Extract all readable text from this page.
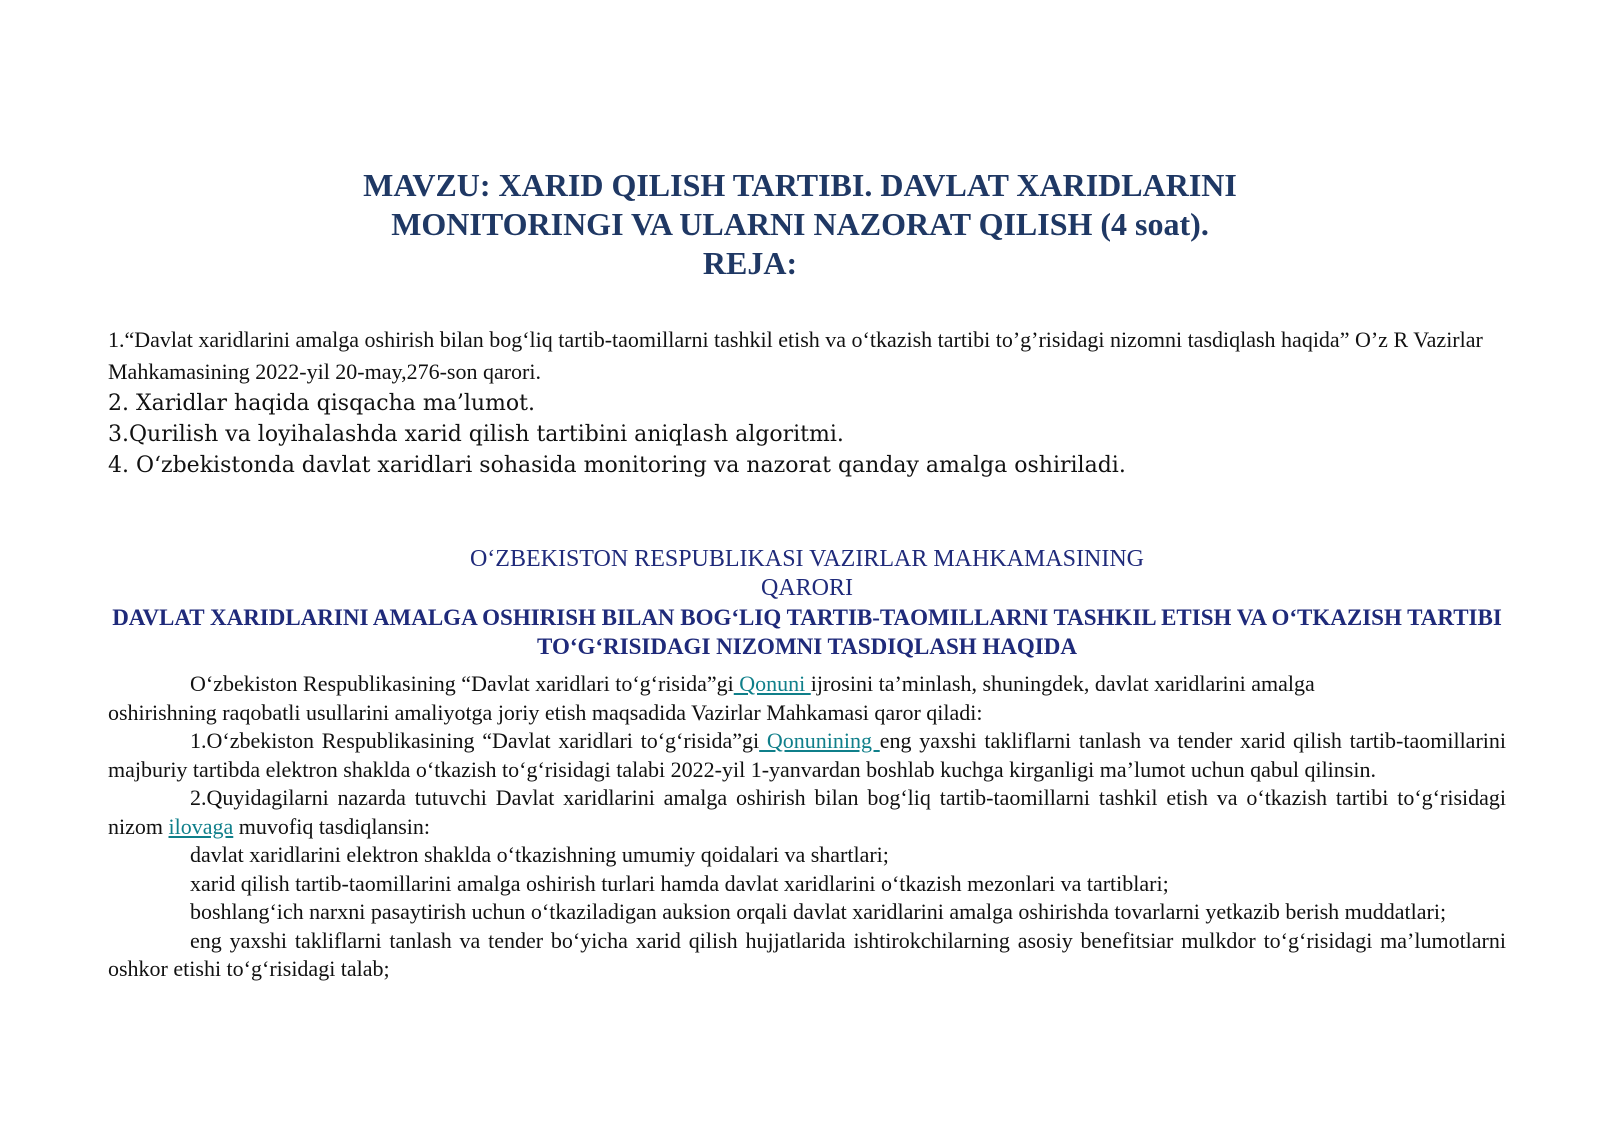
MAVZU: XARID QILISH TARTIBI. DAVLAT XARIDLARINI
MONITORINGI VA ULARNI NAZORAT QILISH (4 soat).
REJA:
1.“Davlat xaridlarini amalga oshirish bilan bogʻliq tartib-taomillarni tashkil etish va oʻtkazish tartibi to’g’risidagi nizomni tasdiqlash haqida” O’z R Vazirlar Mahkamasining 2022-yil 20-may,276-son qarori.
2. Xaridlar haqida qisqacha ma’lumot.
3.Qurilish va loyihalashda xarid qilish tartibini aniqlash algoritmi.
4. O‘zbekistonda davlat xaridlari sohasida monitoring va nazorat qanday amalga oshiriladi.
O‘ZBEKISTON RESPUBLIKASI VAZIRLAR MAHKAMASINING
QARORI
DAVLAT XARIDLARINI AMALGA OSHIRISH BILAN BOG‘LIQ TARTIB-TAOMILLARNI TASHKIL ETISH VA O‘TKAZISH TARTIBI TO‘G‘RISIDAGI NIZOMNI TASDIQLASH HAQIDA

O‘zbekiston Respublikasining “Davlat xaridlari to‘g‘risida”gi Qonuni ijrosini ta’minlash, shuningdek, davlat xaridlarini amalga

oshirishning raqobatli usullarini amaliyotga joriy etish maqsadida Vazirlar Mahkamasi qaror qiladi:

1.O‘zbekiston Respublikasining “Davlat xaridlari to‘g‘risida”gi Qonunining eng yaxshi takliflarni tanlash va tender xarid qilish tartib-taomillarini majburiy tartibda elektron shaklda o‘tkazish to‘g‘risidagi talabi 2022-yil 1-yanvardan boshlab kuchga kirganligi ma’lumot uchun qabul qilinsin.

2.Quyidagilarni nazarda tutuvchi Davlat xaridlarini amalga oshirish bilan bog‘liq tartib-taomillarni tashkil etish va o‘tkazish tartibi to‘g‘risidagi nizom ilovaga muvofiq tasdiqlansin:

davlat xaridlarini elektron shaklda o‘tkazishning umumiy qoidalari va shartlari;

xarid qilish tartib-taomillarini amalga oshirish turlari hamda davlat xaridlarini o‘tkazish mezonlari va tartiblari;

boshlang‘ich narxni pasaytirish uchun o‘tkaziladigan auksion orqali davlat xaridlarini amalga oshirishda tovarlarni yetkazib berish muddatlari;

eng yaxshi takliflarni tanlash va tender bo‘yicha xarid qilish hujjatlarida ishtirokchilarning asosiy benefitsiar mulkdor to‘g‘risidagi ma’lumotlarni oshkor etishi to‘g‘risidagi talab;
